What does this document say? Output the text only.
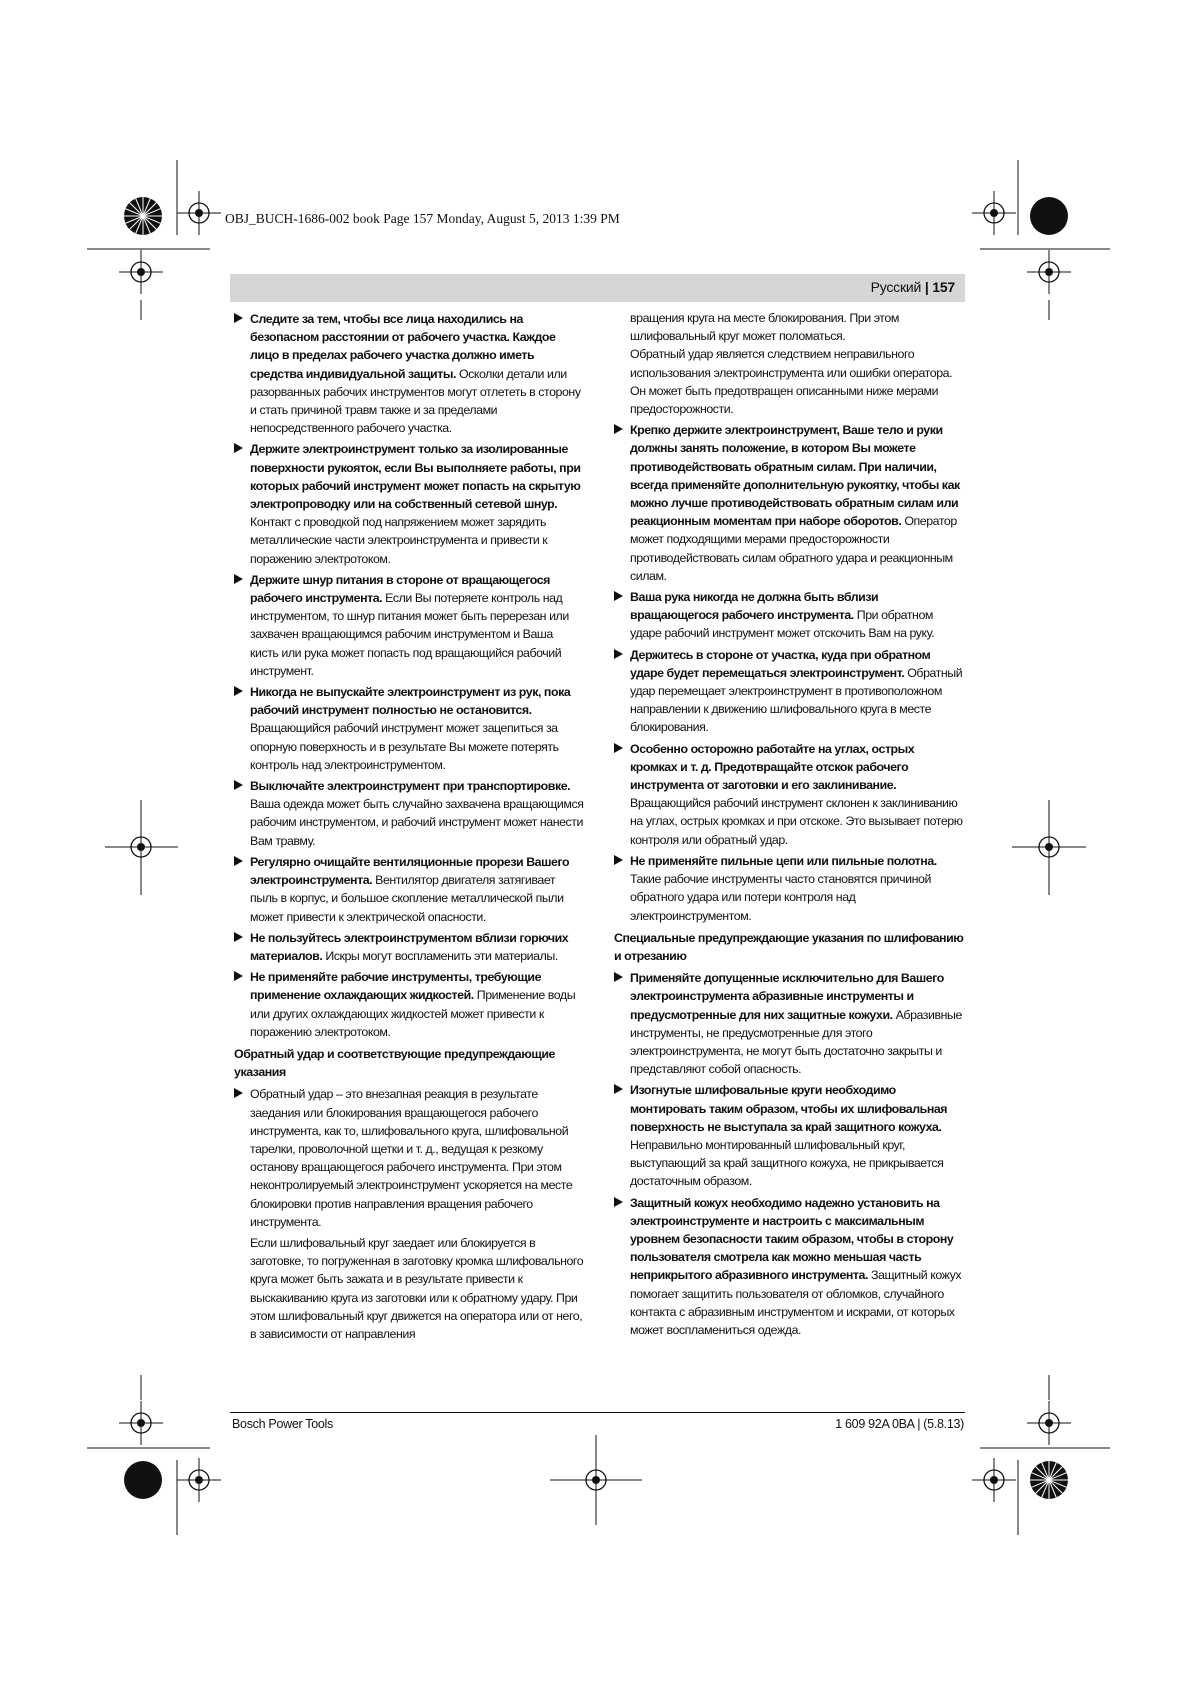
OBJ_BUCH-1686-002 book Page 157 Monday, August 5, 2013 1:39 PM
Русский | 157
Следите за тем, чтобы все лица находились на безопасном расстоянии от рабочего участка. Каждое лицо в пределах рабочего участка должно иметь средства индивидуальной защиты. Осколки детали или разорванных рабочих инструментов могут отлететь в сторону и стать причиной травм также и за пределами непосредственного рабочего участка.
Держите электроинструмент только за изолированные поверхности рукояток, если Вы выполняете работы, при которых рабочий инструмент может попасть на скрытую электропроводку или на собственный сетевой шнур. Контакт с проводкой под напряжением может зарядить металлические части электроинструмента и привести к поражению электротоком.
Держите шнур питания в стороне от вращающегося рабочего инструмента. Если Вы потеряете контроль над инструментом, то шнур питания может быть перерезан или захвачен вращающимся рабочим инструментом и Ваша кисть или рука может попасть под вращающийся рабочий инструмент.
Никогда не выпускайте электроинструмент из рук, пока рабочий инструмент полностью не остановится. Вращающийся рабочий инструмент может зацепиться за опорную поверхность и в результате Вы можете потерять контроль над электроинструментом.
Выключайте электроинструмент при транспортировке. Ваша одежда может быть случайно захвачена вращающимся рабочим инструментом, и рабочий инструмент может нанести Вам травму.
Регулярно очищайте вентиляционные прорези Вашего электроинструмента. Вентилятор двигателя затягивает пыль в корпус, и большое скопление металлической пыли может привести к электрической опасности.
Не пользуйтесь электроинструментом вблизи горючих материалов. Искры могут воспламенить эти материалы.
Не применяйте рабочие инструменты, требующие применение охлаждающих жидкостей. Применение воды или других охлаждающих жидкостей может привести к поражению электротоком.
Обратный удар и соответствующие предупреждающие указания
Обратный удар – это внезапная реакция в результате заедания или блокирования вращающегося рабочего инструмента, как то, шлифовального круга, шлифовальной тарелки, проволочной щетки и т. д., ведущая к резкому останову вращающегося рабочего инструмента. При этом неконтролируемый электроинструмент ускоряется на месте блокировки против направления вращения рабочего инструмента.
Если шлифовальный круг заедает или блокируется в заготовке, то погруженная в заготовку кромка шлифовального круга может быть зажата и в результате привести к выскакиванию круга из заготовки или к обратному удару. При этом шлифовальный круг движется на оператора или от него, в зависимости от направления
вращения круга на месте блокирования. При этом шлифовальный круг может поломаться.
Обратный удар является следствием неправильного использования электроинструмента или ошибки оператора. Он может быть предотвращен описанными ниже мерами предосторожности.
Крепко держите электроинструмент, Ваше тело и руки должны занять положение, в котором Вы можете противодействовать обратным силам. При наличии, всегда применяйте дополнительную рукоятку, чтобы как можно лучше противодействовать обратным силам или реакционным моментам при наборе оборотов. Оператор может подходящими мерами предосторожности противодействовать силам обратного удара и реакционным силам.
Ваша рука никогда не должна быть вблизи вращающегося рабочего инструмента. При обратном ударе рабочий инструмент может отскочить Вам на руку.
Держитесь в стороне от участка, куда при обратном ударе будет перемещаться электроинструмент. Обратный удар перемещает электроинструмент в противоположном направлении к движению шлифовального круга в месте блокирования.
Особенно осторожно работайте на углах, острых кромках и т. д. Предотвращайте отскок рабочего инструмента от заготовки и его заклинивание. Вращающийся рабочий инструмент склонен к заклиниванию на углах, острых кромках и при отскоке. Это вызывает потерю контроля или обратный удар.
Не применяйте пильные цепи или пильные полотна. Такие рабочие инструменты часто становятся причиной обратного удара или потери контроля над электроинструментом.
Специальные предупреждающие указания по шлифованию и отрезанию
Применяйте допущенные исключительно для Вашего электроинструмента абразивные инструменты и предусмотренные для них защитные кожухи. Абразивные инструменты, не предусмотренные для этого электроинструмента, не могут быть достаточно закрыты и представляют собой опасность.
Изогнутые шлифовальные круги необходимо монтировать таким образом, чтобы их шлифовальная поверхность не выступала за край защитного кожуха. Неправильно монтированный шлифовальный круг, выступающий за край защитного кожуха, не прикрывается достаточным образом.
Защитный кожух необходимо надежно установить на электроинструменте и настроить с максимальным уровнем безопасности таким образом, чтобы в сторону пользователя смотрела как можно меньшая часть неприкрытого абразивного инструмента. Защитный кожух помогает защитить пользователя от обломков, случайного контакта с абразивным инструментом и искрами, от которых может воспламениться одежда.
Bosch Power Tools	1 609 92A 0BA | (5.8.13)
